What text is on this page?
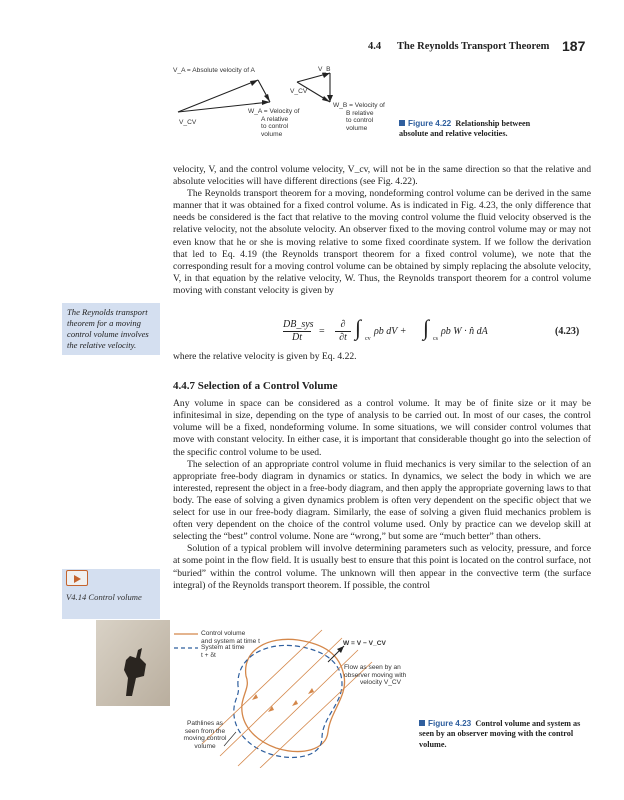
4.4 The Reynolds Transport Theorem 187
V_A = Absolute velocity of A	V_B
V_CV
V_CV
W_A = Velocity of
A relative
to control
volume
W_B = Velocity of
B relative
to control
volume
Figure 4.22 Relationship between absolute and relative velocities.

velocity, V, and the control volume velocity, V_cv, will not be in the same direction so that the relative and absolute velocities will have different directions (see Fig. 4.22).

The Reynolds transport theorem for a moving, nondeforming control volume can be derived in the same manner that it was obtained for a fixed control volume. As is indicated in Fig. 4.23, the only difference that needs be considered is the fact that relative to the moving control volume the fluid velocity observed is the relative velocity, not the absolute velocity. An observer fixed to the moving control volume may or may not even know that he or she is moving relative to some fixed coordinate system. If we follow the derivation that led to Eq. 4.19 (the Reynolds transport theorem for a fixed control volume), we note that the corresponding result for a moving control volume can be obtained by simply replacing the absolute velocity, V, in that equation by the relative velocity, W. Thus, the Reynolds transport theorem for a control volume moving with constant velocity is given by

The Reynolds transport theorem for a moving control volume involves the relative velocity.
DB_sys
Dt
=
∂
∂t ∫ cv
ρb dV + ∫ cs
ρb W · n̂ dA	(4.23)

where the relative velocity is given by Eq. 4.22.

4.4.7 Selection of a Control Volume

Any volume in space can be considered as a control volume. It may be of finite size or it may be infinitesimal in size, depending on the type of analysis to be carried out. In most of our cases, the control volume will be a fixed, nondeforming volume. In some situations, we will consider control volumes that move with constant velocity. In either case, it is important that considerable thought go into the selection of the specific control volume to be used.

The selection of an appropriate control volume in fluid mechanics is very similar to the selection of an appropriate free-body diagram in dynamics or statics. In dynamics, we select the body in which we are interested, represent the object in a free-body diagram, and then apply the appropriate governing laws to that body. The ease of solving a given dynamics problem is often very dependent on the specific object that we select for use in our free-body diagram. Similarly, the ease of solving a given fluid mechanics problem is often very dependent on the choice of the control volume used. Only by practice can we develop skill at selecting the “best” control volume. None are “wrong,” but some are “much better” than others.

Solution of a typical problem will involve determining parameters such as velocity, pressure, and force at some point in the flow field. It is usually best to ensure that this point is located on the control surface, not “buried” within the control volume. The unknown will then appear in the convective term (the surface integral) of the Reynolds transport theorem. If possible, the control

V4.14 Control volume
Control volume
and system at time t
System at time
t + δt
W = V − V_CV
Flow as seen by an
observer moving with
velocity V_CV
Pathlines as
seen from the
moving control
volume
Figure 4.23 Control volume and system as seen by an observer moving with the control volume.
